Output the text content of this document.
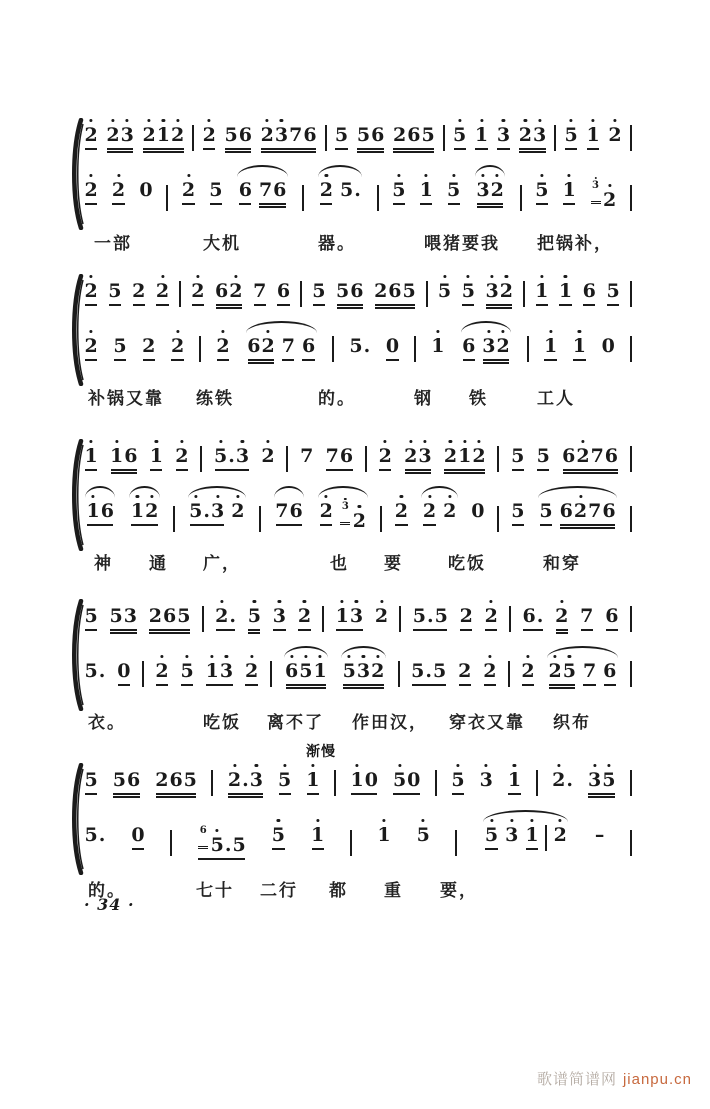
2 2 3 2 1 2 2 5 6 2 3 7 6 5 5 6 2 6 5 5 1 3 2 3 5 1 2
2 2 0 2 5 6 7 6 2 5 . 5 1 5 3 2 5 1 3
2
2 5 2 2 2 6 2 7 6 5 5 6 2 6 5 5 5 3 2 1 1 6 5
2 5 2 2 2 6 2 7 6 5 . 0 1 6 3 2 1 1 0
1 1 6 1 2 5 . 3 2 7 7 6 2 2 3 2 1 2 5 5 6 2 7 6
1 6 1 2 5 . 3 2 7 6 2 3
2 2 2 2 0 5 5 6 2 7 6
5 5 3 2 6 5 2 . 5 3 2 1 3 2 5 . 5 2 2 6 . 2 7 6
5 . 0 2 5 1 3 2 6 5 1 5 3 2 5 . 5 2 2 2 2 5 7 6
5 5 6 2 6 5 2 . 3 5 1 1 0 5 0 5 3 1 2 . 3 5
5 . 0	6
5 . 5 5 1	1 5	5 3 1 2 –
一部	大机	器。	喂猪要我 把锅补，
补锅又靠 练铁	的。	钢 铁	工人
神 通 广，	也 要	吃饭	和穿
衣。	吃饭 离不了 作田汉， 穿衣又靠 织布
的。	七十 二行 都 重 要，
渐慢
· 34 ·
歌谱简谱网 jianpu.cn
